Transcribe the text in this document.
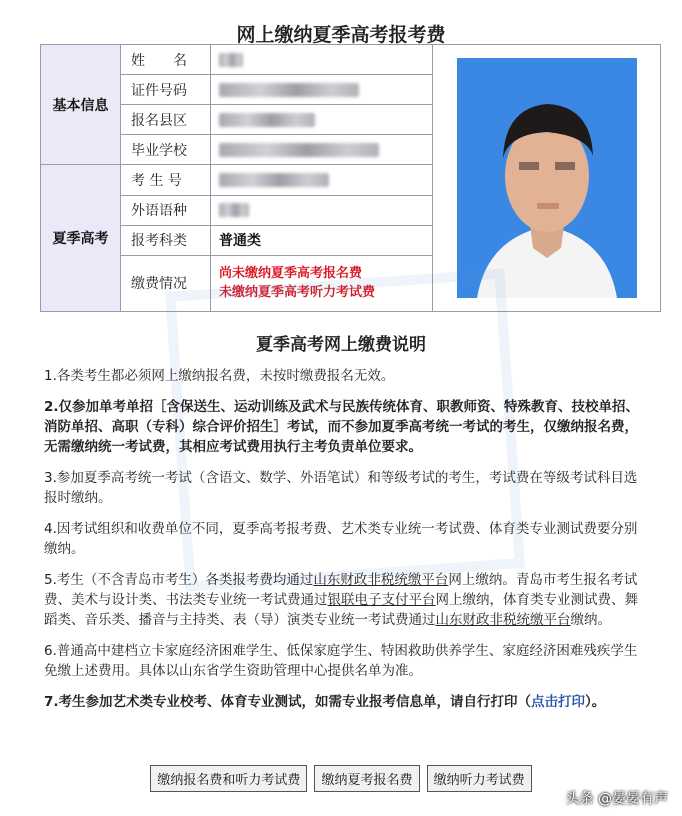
网上缴纳夏季高考报考费
基本信息	姓　　名		

	证件号码		
	报名县区		
	毕业学校		
夏季高考	考 生 号		
	外语语种		
	报考科类	普通类	
	缴费情况	尚未缴纳夏季高考报名费
未缴纳夏季高考听力考试费	
夏季高考网上缴费说明

1.各类考生都必须网上缴纳报名费，未按时缴费报名无效。

2.仅参加单考单招［含保送生、运动训练及武术与民族传统体育、职教师资、特殊教育、技校单招、消防单招、高职（专科）综合评价招生］考试，而不参加夏季高考统一考试的考生，仅缴纳报名费，无需缴纳统一考试费，其相应考试费用执行主考负责单位要求。

3.参加夏季高考统一考试（含语文、数学、外语笔试）和等级考试的考生，考试费在等级考试科目选报时缴纳。

4.因考试组织和收费单位不同，夏季高考报考费、艺术类专业统一考试费、体育类专业测试费要分别缴纳。

5.考生（不含青岛市考生）各类报考费均通过山东财政非税统缴平台网上缴纳。青岛市考生报名考试费、美术与设计类、书法类专业统一考试费通过银联电子支付平台网上缴纳，体育类专业测试费、舞蹈类、音乐类、播音与主持类、表（导）演类专业统一考试费通过山东财政非税统缴平台缴纳。

6.普通高中建档立卡家庭经济困难学生、低保家庭学生、特困救助供养学生、家庭经济困难残疾学生免缴上述费用。具体以山东省学生资助管理中心提供名单为准。

7.考生参加艺术类专业校考、体育专业测试，如需专业报考信息单，请自行打印（点击打印）。

缴纳报名费和听力考试费 缴纳夏考报名费 缴纳听力考试费
头条 @晏晏有声
